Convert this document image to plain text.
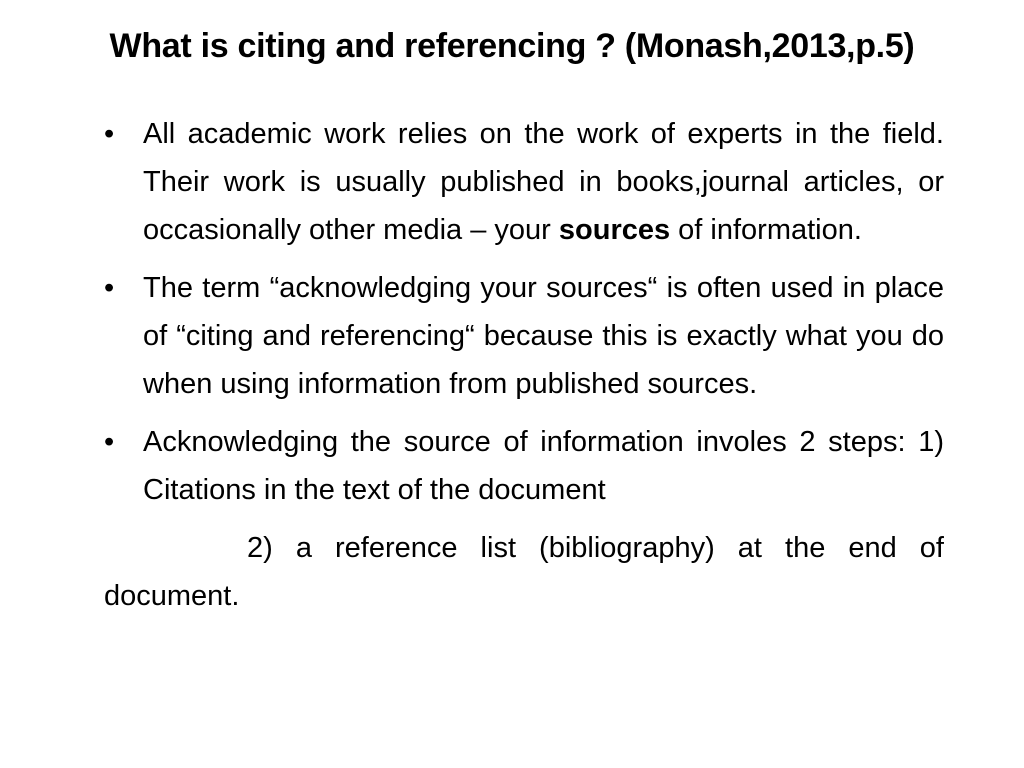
What is citing and referencing ? (Monash,2013,p.5)
• All academic work relies on the work of experts in the field. Their work is usually published in books,journal articles, or occasionally other media – your sources of information.
• The term “acknowledging your sources“ is often used in place of “citing and referencing“ because this is exactly what you do when using information from published sources.
• Acknowledging the source of information involes 2 steps: 1) Citations in the text of the document
2) a reference list (bibliography) at the end of document.
